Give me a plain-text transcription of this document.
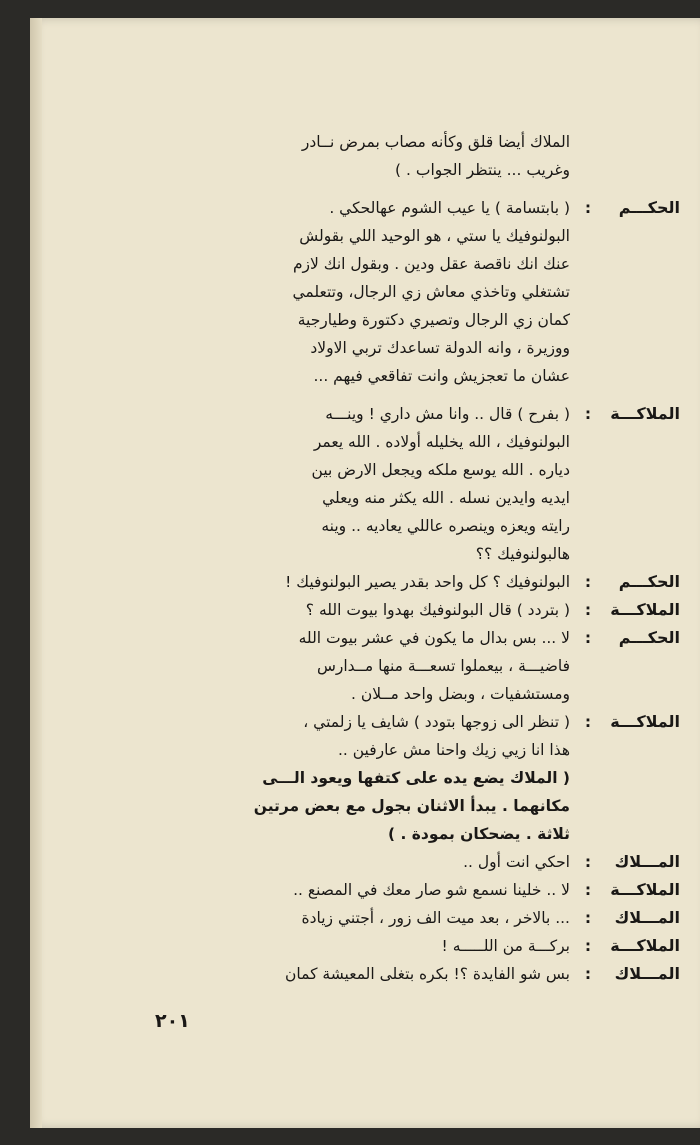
الملاك أيضا قلق وكأنه مصاب بمرض نــادر
وغريب ... ينتظر الجواب . )
الحكـــم
:
( بابتسامة ) يا عيب الشوم عهالحكي .
البولنوفيك يا ستي ، هو الوحيد اللي بقولش
عنك انك ناقصة عقل ودين . وبقول انك لازم
تشتغلي وتاخذي معاش زي الرجال، وتتعلمي
كمان زي الرجال وتصيري دكتورة وطيارجية
ووزيرة ، وانه الدولة تساعدك تربي الاولاد
عشان ما تعجزيش وانت تفاقعي فيهم ...
الملاكـــة
:
( بفرح ) قال .. وانا مش داري ! وينـــه
البولنوفيك ، الله يخليله أولاده . الله يعمر
دياره . الله يوسع ملكه ويجعل الارض بين
ايديه وايدين نسله . الله يكثر منه ويعلي
رايته ويعزه وينصره عاللي يعاديه .. وينه
هالبولنوفيك ؟؟
الحكـــم
:
البولنوفيك ؟ كل واحد بقدر يصير البولنوفيك !
الملاكـــة
:
( بتردد ) قال البولنوفيك بهدوا بيوت الله ؟
الحكـــم
:
لا ... بس بدال ما يكون في عشر بيوت الله
فاضيـــة ، بيعملوا تسعـــة منها مــدارس
ومستشفيات ، وبضل واحد مــلان .
الملاكـــة
:
( تنظر الى زوجها بتودد ) شايف يا زلمتي ،
هذا انا زيي زيك واحنا مش عارفين ..
( الملاك يضع يده على كتفها ويعود الـــى
مكانهما . يبدأ الاثنان بجول مع بعض مرتين
ثلاثة . يضحكان بمودة . )
المـــلاك
:
احكي انت أول ..
الملاكـــة
:
لا .. خلينا نسمع شو صار معك في المصنع ..
المـــلاك
:
... بالاخر ، بعد ميت الف زور ، أجتني زيادة
الملاكـــة
:
بركـــة من اللـــــه !
المـــلاك
:
بس شو الفايدة ؟! بكره بتغلى المعيشة كمان
٢٠١
